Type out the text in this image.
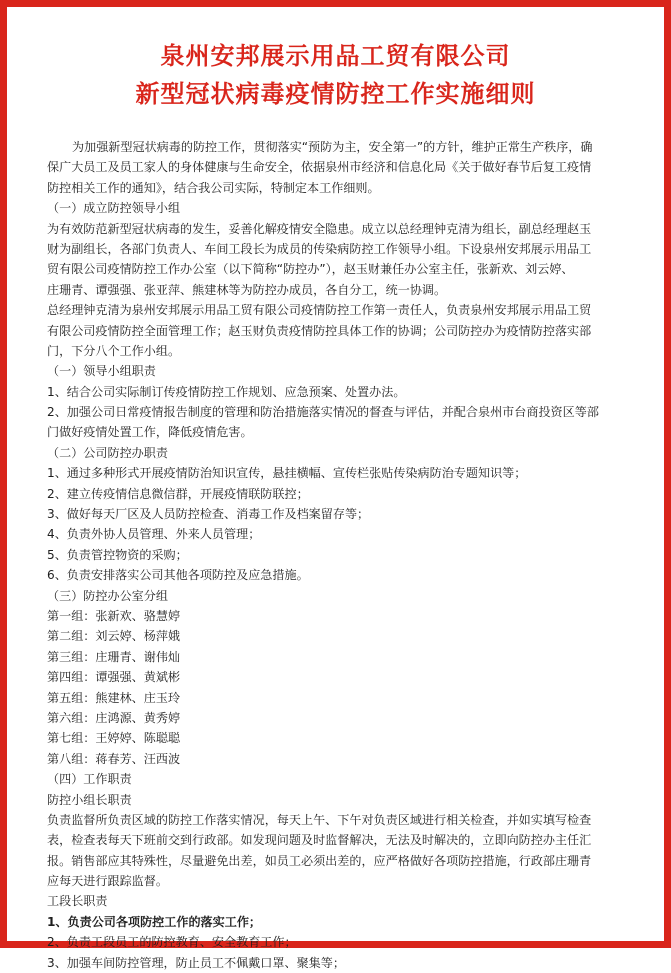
泉州安邦展示用品工贸有限公司
新型冠状病毒疫情防控工作实施细则
为加强新型冠状病毒的防控工作，贯彻落实“预防为主，安全第一”的方针，维护正常生产秩序，确
保广大员工及员工家人的身体健康与生命安全，依据泉州市经济和信息化局《关于做好春节后复工疫情
防控相关工作的通知》，结合我公司实际，特制定本工作细则。
（一）成立防控领导小组
为有效防范新型冠状病毒的发生，妥善化解疫情安全隐患。成立以总经理钟克清为组长，副总经理赵玉
财为副组长，各部门负责人、车间工段长为成员的传染病防控工作领导小组。下设泉州安邦展示用品工
贸有限公司疫情防控工作办公室（以下简称“防控办”），赵玉财兼任办公室主任，张新欢、刘云婷、
庄珊青、谭强强、张亚萍、熊建林等为防控办成员，各自分工，统一协调。
总经理钟克清为泉州安邦展示用品工贸有限公司疫情防控工作第一责任人，负责泉州安邦展示用品工贸
有限公司疫情防控全面管理工作；赵玉财负责疫情防控具体工作的协调；公司防控办为疫情防控落实部
门，下分八个工作小组。
（一）领导小组职责
1、结合公司实际制订传疫情防控工作规划、应急预案、处置办法。
2、加强公司日常疫情报告制度的管理和防治措施落实情况的督查与评估，并配合泉州市台商投资区等部
门做好疫情处置工作，降低疫情危害。
（二）公司防控办职责
1、通过多种形式开展疫情防治知识宣传，悬挂横幅、宣传栏张贴传染病防治专题知识等；
2、建立传疫情信息微信群，开展疫情联防联控；
3、做好每天厂区及人员防控检查、消毒工作及档案留存等；
4、负责外协人员管理、外来人员管理；
5、负责管控物资的采购；
6、负责安排落实公司其他各项防控及应急措施。
（三）防控办公室分组
第一组：张新欢、骆慧婷
第二组：刘云婷、杨萍娥
第三组：庄珊青、谢伟灿
第四组：谭强强、黄斌彬
第五组：熊建林、庄玉玲
第六组：庄鸿源、黄秀婷
第七组：王婷婷、陈聪聪
第八组：蒋春芳、汪西波
（四）工作职责
防控小组长职责
负责监督所负责区域的防控工作落实情况，每天上午、下午对负责区域进行相关检查，并如实填写检查
表，检查表每天下班前交到行政部。如发现问题及时监督解决，无法及时解决的，立即向防控办主任汇
报。销售部应其特殊性，尽量避免出差，如员工必须出差的，应严格做好各项防控措施，行政部庄珊青
应每天进行跟踪监督。
工段长职责
1、负责公司各项防控工作的落实工作；
2、负责工段员工的防控教育、安全教育工作；
3、加强车间防控管理，防止员工不佩戴口罩、聚集等；
